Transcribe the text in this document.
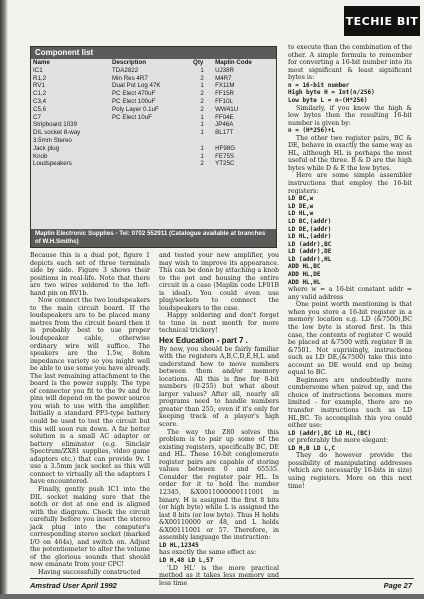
TECHIE BIT
Component list
Name	Description	Qty	Maplin Code
IC1	TDA2822	1	UJ38R
R1,2	Min Res 4R7	2	M4R7
RV1	Dual Pot Log 47K	1	FX11M
C1,2	PC Elect 470uF	2	FF15R
C3,4	PC Elect 100uF	2	FF10L
C5,6	Poly Layer 0.1uF	2	WW41U
C7	PC Elect 10uF	1	FF04E
Stripboard 1039		1	JP46A
DIL socket 8-way		1	BL17T
3.5mm Stereo			
Jack plug		1	HF98G
Knob		1	FE75S
Loudspeakers		2	YT25C
Maplin Electronic Supplies - Tel: 0702 552911 (Catalogue available at branches of W.H.Smiths)

Because this is a dual pot, figure 1 depicts each set of three terminals side by side. Figure 3 shows their positions in real-life. Note that there are two wires soldered to the left-hand pin on RV1b.

Now connect the two loudspeakers to the main circuit board. If the loudspeakers are to be placed many metres from the circuit board then it is probably best to use proper loudspeaker cable, otherwise ordinary wire will suffice. The speakers are the 1.5w, 8ohm impedance variety so you might well be able to use some you have already. The last remaining attachment to the board is the power supply. The type of connector you fit to the 9v and 0v pins will depend on the power source you wish to use with the amplifier. Initially a standard PP3-type battery could be used to test the circuit but this will soon run down. A far better solution is a small AC adaptor or battery eliminator (e.g. Sinclair Spectrum/ZX81 supplies, video game adaptors etc.) that can provide 9v. I use a 3.5mm jack socket as this will connect to virtually all the adaptors I have encountered.

Finally, gently push IC1 into the DIL socket making sure that the notch or dot at one end is aligned with the diagram. Check the circuit carefully before you insert the stereo jack plug into the computer's corresponding stereo socket (marked I/O on 464s), and switch on. Adjust the potentiometer to alter the volume of the glorious sounds that should now emanate from your CPC!

Having successfully constructed

and tested your new amplifier, you may wish to improve its appearance. This can be done by attaching a knob to the pot and housing the entire circuit in a case (Maplin code LF01B is ideal). You could even use plug/sockets to connect the loudspeakers to the case.

Happy soldering and don't forget to tune in next month for more technical trickery!

Hex Education - part 7 .

By now, you should be fairly familiar with the registers A,B,C,D,E,H,L and understand how to move numbers between them and/or memory locations. All this is fine for 8-bit numbers (0-255) but what about larger values? After all, nearly all programs need to handle numbers greater than 255, even if it's only for keeping track of a player's high score.

The way the Z80 solves this problem is to pair up some of the existing registers, specifically BC, DE and HL. These 16-bit conglomerate register pairs are capable of storing values between 0 and 65535. Consider the register pair HL. In order for it to hold the number 12345, &X0011000000111001 in binary. H is assigned the first 8 bits (or high byte) while L is assigned the last 8 bits (or low byte). Thus H holds &X00110000 or 48, and L holds &X00111001 or 57. Therefore, in assembly language the instruction:

LD HL,12345

has exactly the same effect as:

LD H,48 LD L,57

'LD HL' is the more practical method as it takes less memory and less time

to execute than the combination of the other. A simple formula to remember for converting a 16-bit number into its most significant & least significant bytes is:

n = 16-bit number
High byte H = Int(n/256)
Low byte L = n-(H*256)

Similarly, if you know the high & low bytes then the resulting 16-bit number is given by:

n = (H*256)+L

The other two register pairs, BC & DE, behave in exactly the same way as HL, although HL is perhaps the most useful of the three. B & D are the high bytes while D & E the low bytes.

Here are some simple assembler instructions that employ the 16-bit registers:

LD BC,w
LD DE,w
LD HL,w
LD BC,(addr)
LD DE,(addr)
LD HL,(addr)
LD (addr),BC
LD (addr),DE
LD (addr),HL
ADD HL,BC
ADD HL,DE
ADD HL,HL

where w = a 16-bit constant addr = any valid address

One point worth mentioning is that when you store a 16-bit register in a memory location e.g. LD (&7500),BC the low byte is stored first. In this case, the contents of register C would be placed at &7500 with register B in &7501. Not suprisingly, instructions such as LD DE,(&7500) take this into account so DE would end up being equal to BC.

Beginners are undoubtedly more cumbersome when paired up, and the choice of instructions becomes more limited - for example, there are no transfer instructions such as LD HL,BC. To accomplish this you could either use:

LD (addr),BC LD HL,(BC)

or preferably the more elegant:

LD H,B LD L,C

They do however provide the possibility of manipulating addresses (which are necessarily 16-bits in size) using registers. More on this next time!

Amstrad User April 1992	Page 27
